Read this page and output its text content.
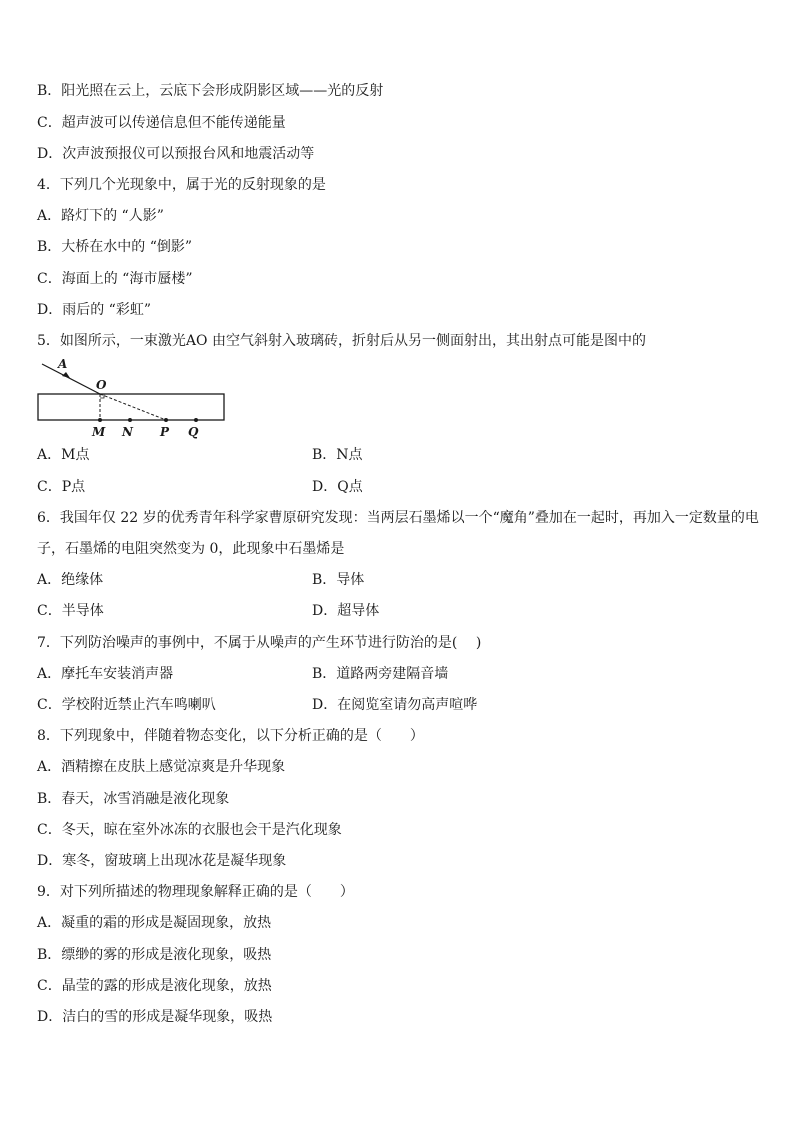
B．阳光照在云上，云底下会形成阴影区域——光的反射
C．超声波可以传递信息但不能传递能量
D．次声波预报仪可以预报台风和地震活动等
4．下列几个光现象中，属于光的反射现象的是
A．路灯下的 “人影”
B．大桥在水中的 “倒影”
C．海面上的 “海市蜃楼”
D．雨后的 “彩虹”
5．如图所示，一束激光AO 由空气斜射入玻璃砖，折射后从另一侧面射出，其出射点可能是图中的
A
O
M N P Q
A．M点	B．N点
C．P点	D．Q点
6．我国年仅 22 岁的优秀青年科学家曹原研究发现：当两层石墨烯以一个“魔角”叠加在一起时，再加入一定数量的电
子，石墨烯的电阻突然变为 0，此现象中石墨烯是
A．绝缘体	B．导体
C．半导体	D．超导体
7．下列防治噪声的事例中，不属于从噪声的产生环节进行防治的是(　 )
A．摩托车安装消声器	B．道路两旁建隔音墙
C．学校附近禁止汽车鸣喇叭	D．在阅览室请勿高声喧哗
8．下列现象中，伴随着物态变化，以下分析正确的是（　　）
A．酒精擦在皮肤上感觉凉爽是升华现象
B．春天，冰雪消融是液化现象
C．冬天，晾在室外冰冻的衣服也会干是汽化现象
D．寒冬，窗玻璃上出现冰花是凝华现象
9．对下列所描述的物理现象解释正确的是（　　）
A．凝重的霜的形成是凝固现象，放热
B．缥缈的雾的形成是液化现象，吸热
C．晶莹的露的形成是液化现象，放热
D．洁白的雪的形成是凝华现象，吸热
